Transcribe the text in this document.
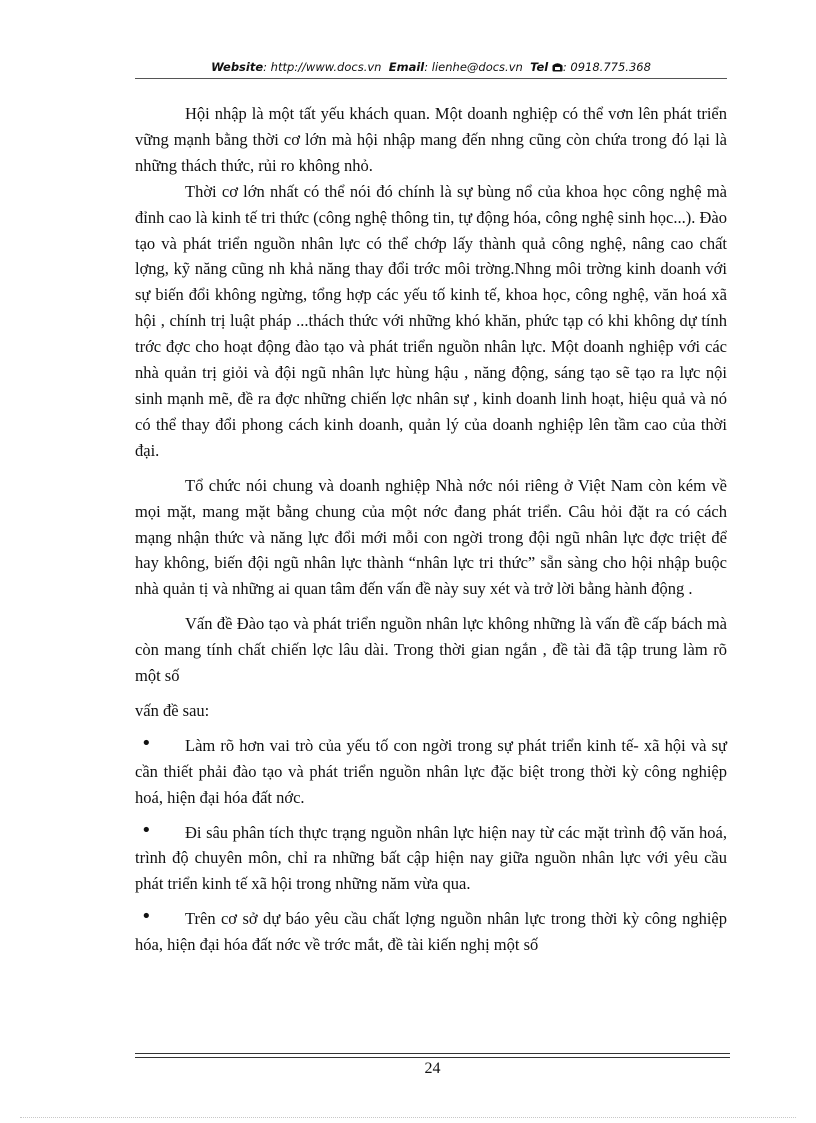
Website: http://www.docs.vn Email: lienhe@docs.vn Tel : 0918.775.368

Hội nhập là một tất yếu khách quan. Một doanh nghiệp có thể vơn lên phát triển vững mạnh bằng thời cơ lớn mà hội nhập mang đến nhng cũng còn chứa trong đó lại là những thách thức, rủi ro không nhỏ.

Thời cơ lớn nhất có thể nói đó chính là sự bùng nổ của khoa học công nghệ mà đỉnh cao là kinh tế tri thức (công nghệ thông tin, tự động hóa, công nghệ sinh học...). Đào tạo và phát triển nguồn nhân lực có thể chớp lấy thành quả công nghệ, nâng cao chất lợng, kỹ năng cũng nh khả năng thay đổi trớc môi trờng.Nhng môi trờng kinh doanh với sự biến đổi không ngừng, tổng hợp các yếu tố kinh tế, khoa học, công nghệ, văn hoá xã hội , chính trị luật pháp ...thách thức với những khó khăn, phức tạp có khi không dự tính trớc đợc cho hoạt động đào tạo và phát triển nguồn nhân lực. Một doanh nghiệp với các nhà quản trị giỏi và đội ngũ nhân lực hùng hậu , năng động, sáng tạo sẽ tạo ra lực nội sinh mạnh mẽ, đề ra đợc những chiến lợc nhân sự , kinh doanh linh hoạt, hiệu quả và nó có thể thay đổi phong cách kinh doanh, quản lý của doanh nghiệp lên tầm cao của thời đại.

Tổ chức nói chung và doanh nghiệp Nhà nớc nói riêng ở Việt Nam còn kém về mọi mặt, mang mặt bằng chung của một nớc đang phát triển. Câu hỏi đặt ra có cách mạng nhận thức và năng lực đổi mới mỗi con ngời trong đội ngũ nhân lực đợc triệt để hay không, biến đội ngũ nhân lực thành “nhân lực tri thức” sẵn sàng cho hội nhập buộc nhà quản tị và những ai quan tâm đến vấn đề này suy xét và trở lời bằng hành động .

Vấn đề Đào tạo và phát triển nguồn nhân lực không những là vấn đề cấp bách mà còn mang tính chất chiến lợc lâu dài. Trong thời gian ngắn , đề tài đã tập trung làm rõ một số

vấn đề sau:

•	Làm rõ hơn vai trò của yếu tố con ngời trong sự phát triển kinh tế- xã hội và sự cần thiết phải đào tạo và phát triển nguồn nhân lực đặc biệt trong thời kỳ công nghiệp hoá, hiện đại hóa đất nớc.

•	Đi sâu phân tích thực trạng nguồn nhân lực hiện nay từ các mặt trình độ văn hoá, trình độ chuyên môn, chỉ ra những bất cập hiện nay giữa nguồn nhân lực với yêu cầu phát triển kinh tế xã hội trong những năm vừa qua.

•	Trên cơ sở dự báo yêu cầu chất lợng nguồn nhân lực trong thời kỳ công nghiệp hóa, hiện đại hóa đất nớc về trớc mắt, đề tài kiến nghị một số

24
